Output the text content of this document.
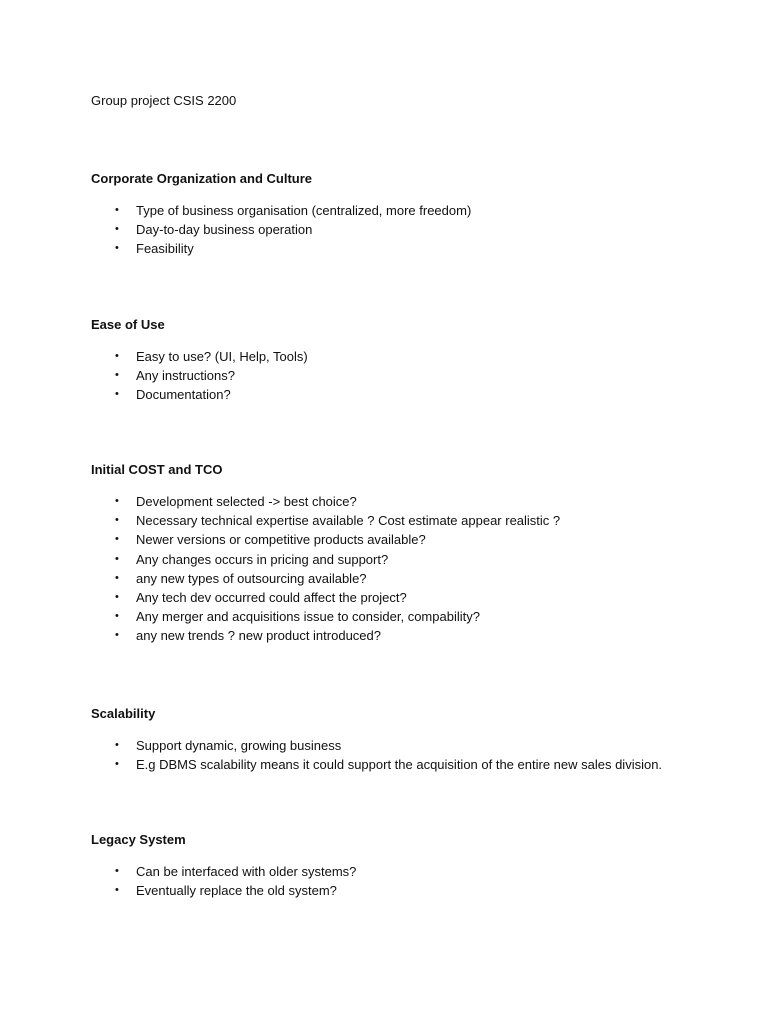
Group project CSIS 2200

Corporate Organization and Culture
• Type of business organisation (centralized, more freedom)
• Day-to-day business operation
• Feasibility
Ease of Use
• Easy to use? (UI, Help, Tools)
• Any instructions?
• Documentation?
Initial COST and TCO
• Development selected -> best choice?
• Necessary technical expertise available ? Cost estimate appear realistic ?
• Newer versions or competitive products available?
• Any changes occurs in pricing and support?
• any new types of outsourcing available?
• Any tech dev occurred could affect the project?
• Any merger and acquisitions issue to consider, compability?
• any new trends ? new product introduced?
Scalability
• Support dynamic, growing business
• E.g DBMS scalability means it could support the acquisition of the entire new sales division.
Legacy System
• Can be interfaced with older systems?
• Eventually replace the old system?
